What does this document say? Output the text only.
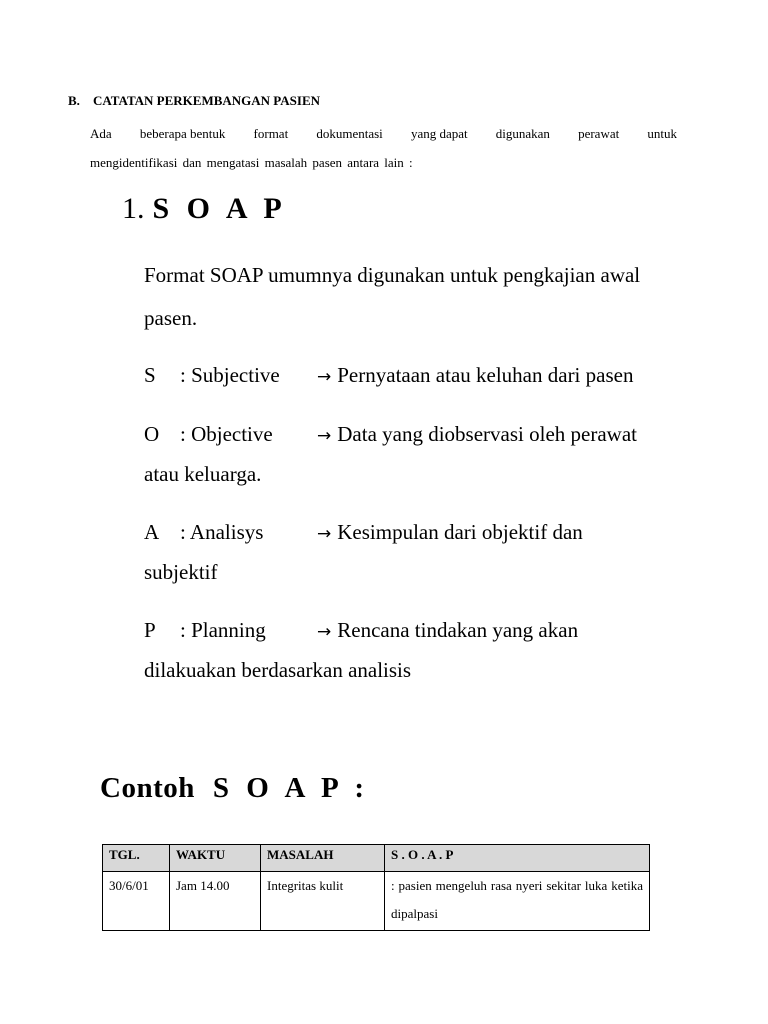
B. CATATAN PERKEMBANGAN PASIEN
Ada beberapa bentuk format dokumentasi yang dapat digunakan perawat untuk
mengidentifikasi dan mengatasi masalah pasen antara lain :
1. S O A P
Format SOAP umumnya digunakan untuk pengkajian awal
pasen.
S : Subjective → Pernyataan atau keluhan dari pasen
O : Objective	→ Data yang diobservasi oleh perawat
atau keluarga.
A : Analisys	→ Kesimpulan dari objektif dan
subjektif
P : Planning	→ Rencana tindakan yang akan
dilakuakan berdasarkan analisis
Contoh S O A P :
TGL.	WAKTU	MASALAH	S . O . A . P
30/6/01	Jam 14.00	Integritas kulit	: pasien mengeluh rasa nyeri sekitar luka ketika dipalpasi
